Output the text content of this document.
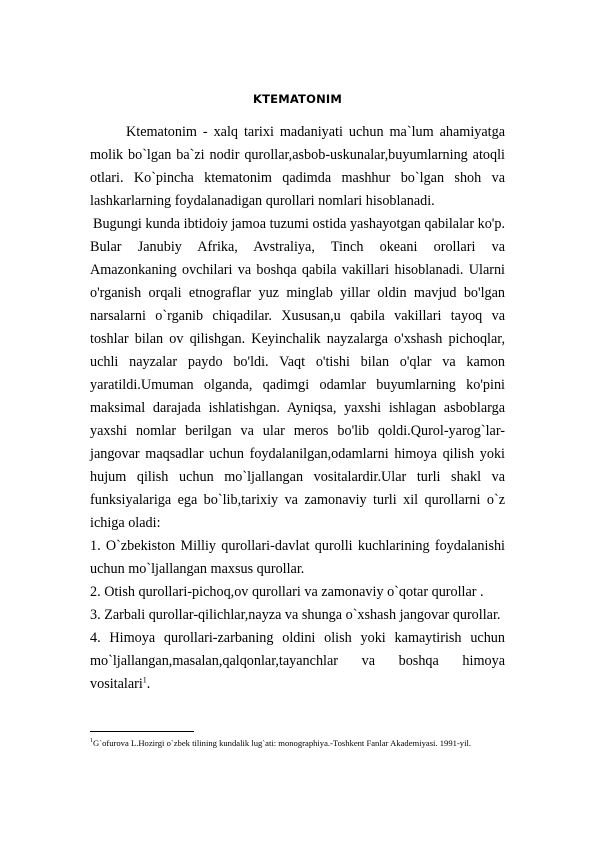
KTEMATONIM

Ktematonim - xalq tarixi madaniyati uchun ma`lum ahamiyatga molik bo`lgan ba`zi nodir qurollar,asbob-uskunalar,buyumlarning atoqli otlari. Ko`pincha ktematonim qadimda mashhur bo`lgan shoh va lashkarlarning foydalanadigan qurollari nomlari hisoblanadi.

Bugungi kunda ibtidoiy jamoa tuzumi ostida yashayotgan qabilalar ko'p. Bular Janubiy Afrika, Avstraliya, Tinch okeani orollari va Amazonkaning ovchilari va boshqa qabila vakillari hisoblanadi. Ularni o'rganish orqali etnograflar yuz minglab yillar oldin mavjud bo'lgan narsalarni o`rganib chiqadilar. Xususan,u qabila vakillari tayoq va toshlar bilan ov qilishgan. Keyinchalik nayzalarga o'xshash pichoqlar, uchli nayzalar paydo bo'ldi. Vaqt o'tishi bilan o'qlar va kamon yaratildi.Umuman olganda, qadimgi odamlar buyumlarning ko'pini maksimal darajada ishlatishgan. Ayniqsa, yaxshi ishlagan asboblarga yaxshi nomlar berilgan va ular meros bo'lib qoldi.Qurol-yarog`lar-jangovar maqsadlar uchun foydalanilgan,odamlarni himoya qilish yoki hujum qilish uchun mo`ljallangan vositalardir.Ular turli shakl va funksiyalariga ega bo`lib,tarixiy va zamonaviy turli xil qurollarni o`z ichiga oladi:

1. O`zbekiston Milliy qurollari-davlat qurolli kuchlarining foydalanishi uchun mo`ljallangan maxsus qurollar.

2. Otish qurollari-pichoq,ov qurollari va zamonaviy o`qotar qurollar .

3. Zarbali qurollar-qilichlar,nayza va shunga o`xshash jangovar qurollar.

4. Himoya qurollari-zarbaning oldini olish yoki kamaytirish uchun mo`ljallangan,masalan,qalqonlar,tayanchlar va boshqa himoya vositalari$^1$.

$^1$G`ofurova L.Hozirgi o`zbek tilining kundalik lug`ati: monographiya.-Toshkent Fanlar Akademiyasi. 1991-yil.
